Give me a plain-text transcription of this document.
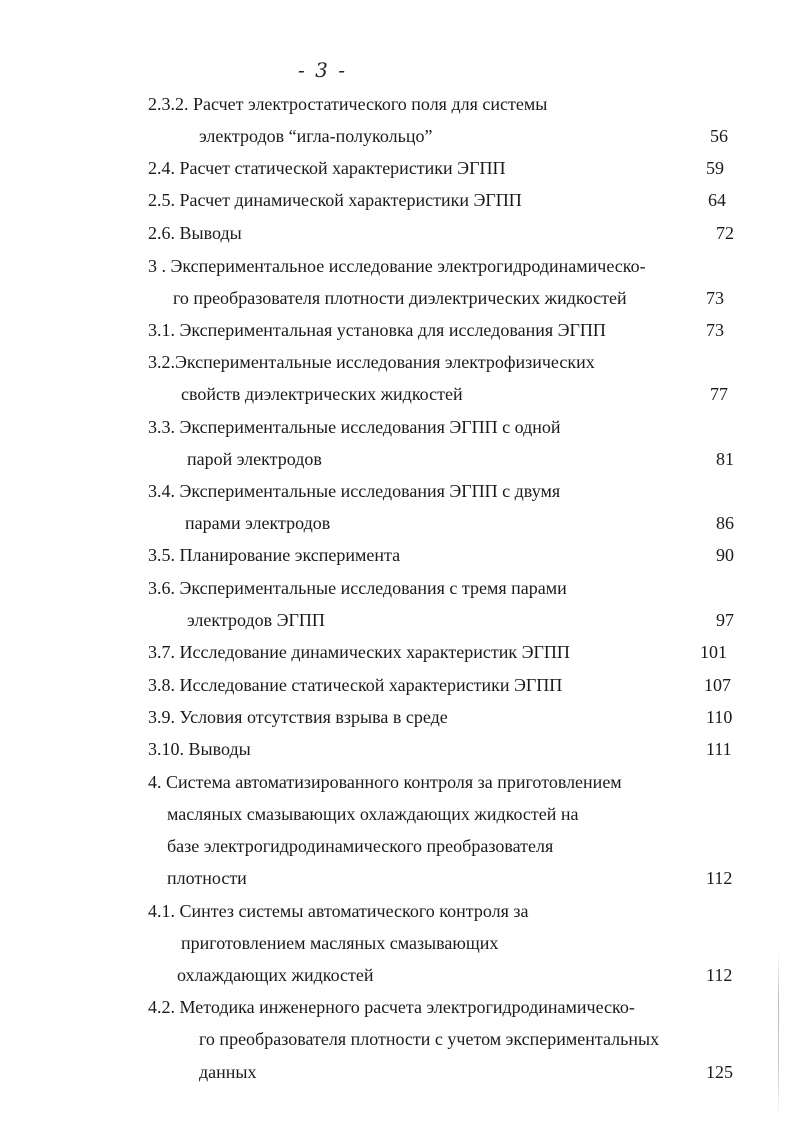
- 3 -
2.3.2. Расчет электростатического поля для системы
электродов “игла-полукольцо”	56
2.4. Расчет статической характеристики ЭГПП	59
2.5. Расчет динамической характеристики ЭГПП	64
2.6. Выводы	72
3 . Экспериментальное исследование электрогидродинамическо-
го преобразователя плотности диэлектрических жидкостей	73
3.1. Экспериментальная установка для исследования ЭГПП	73
3.2.Экспериментальные исследования электрофизических
свойств диэлектрических жидкостей	77
3.3. Экспериментальные исследования ЭГПП с одной
парой электродов	81
3.4. Экспериментальные исследования ЭГПП с двумя
парами электродов	86
3.5. Планирование эксперимента	90
3.6. Экспериментальные исследования с тремя парами
электродов ЭГПП	97
3.7. Исследование динамических характеристик ЭГПП	101
3.8. Исследование статической характеристики ЭГПП	107
3.9. Условия отсутствия взрыва в среде	110
3.10. Выводы	111
4. Система автоматизированного контроля за приготовлением
масляных смазывающих охлаждающих жидкостей на
базе электрогидродинамического преобразователя
плотности	112
4.1. Синтез системы автоматического контроля за
приготовлением масляных смазывающих
охлаждающих жидкостей	112
4.2. Методика инженерного расчета электрогидродинамическо-
го преобразователя плотности с учетом экспериментальных
данных	125
